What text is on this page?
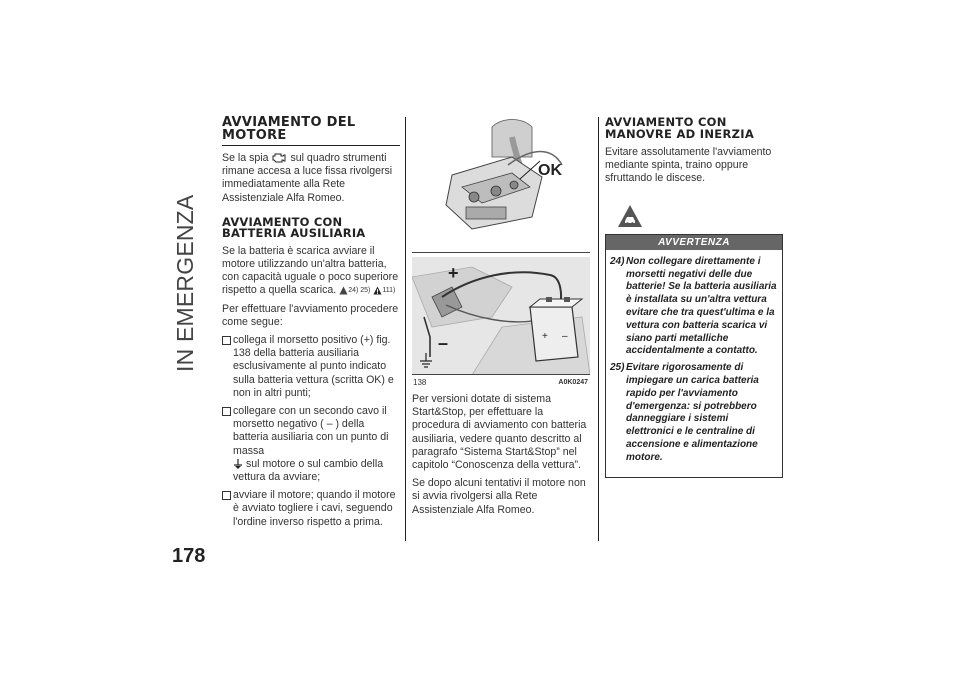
IN EMERGENZA
178
AVVIAMENTO DEL MOTORE

Se la spia sul quadro strumenti rimane accesa a luce fissa rivolgersi immediatamente alla Rete Assistenziale Alfa Romeo.

AVVIAMENTO CON BATTERIA AUSILIARIA

Se la batteria è scarica avviare il motore utilizzando un'altra batteria, con capacità uguale o poco superiore rispetto a quella scarica. 24) 25) 111)

Per effettuare l'avviamento procedere come segue:

collega il morsetto positivo (+) fig. 138 della batteria ausiliaria esclusivamente al punto indicato sulla batteria vettura (scritta OK) e non in altri punti;
collegare con un secondo cavo il morsetto negativo ( – ) della batteria ausiliaria con un punto di massa
sul motore o sul cambio della vettura da avviare;
avviare il motore; quando il motore è avviato togliere i cavi, seguendo l'ordine inverso rispetto a prima.
OK
+
–	+ –
138	A0K0247

Per versioni dotate di sistema Start&Stop, per effettuare la procedura di avviamento con batteria ausiliaria, vedere quanto descritto al paragrafo “Sistema Start&Stop” nel capitolo “Conoscenza della vettura”.

Se dopo alcuni tentativi il motore non si avvia rivolgersi alla Rete Assistenziale Alfa Romeo.

AVVIAMENTO CON MANOVRE AD INERZIA

Evitare assolutamente l'avviamento mediante spinta, traino oppure sfruttando le discese.

AVVERTENZA
24) Non collegare direttamente i morsetti negativi delle due batterie! Se la batteria ausiliaria è installata su un'altra vettura evitare che tra quest'ultima e la vettura con batteria scarica vi siano parti metalliche accidentalmente a contatto.
25) Evitare rigorosamente di impiegare un carica batteria rapido per l'avviamento d'emergenza: si potrebbero danneggiare i sistemi elettronici e le centraline di accensione e alimentazione motore.
